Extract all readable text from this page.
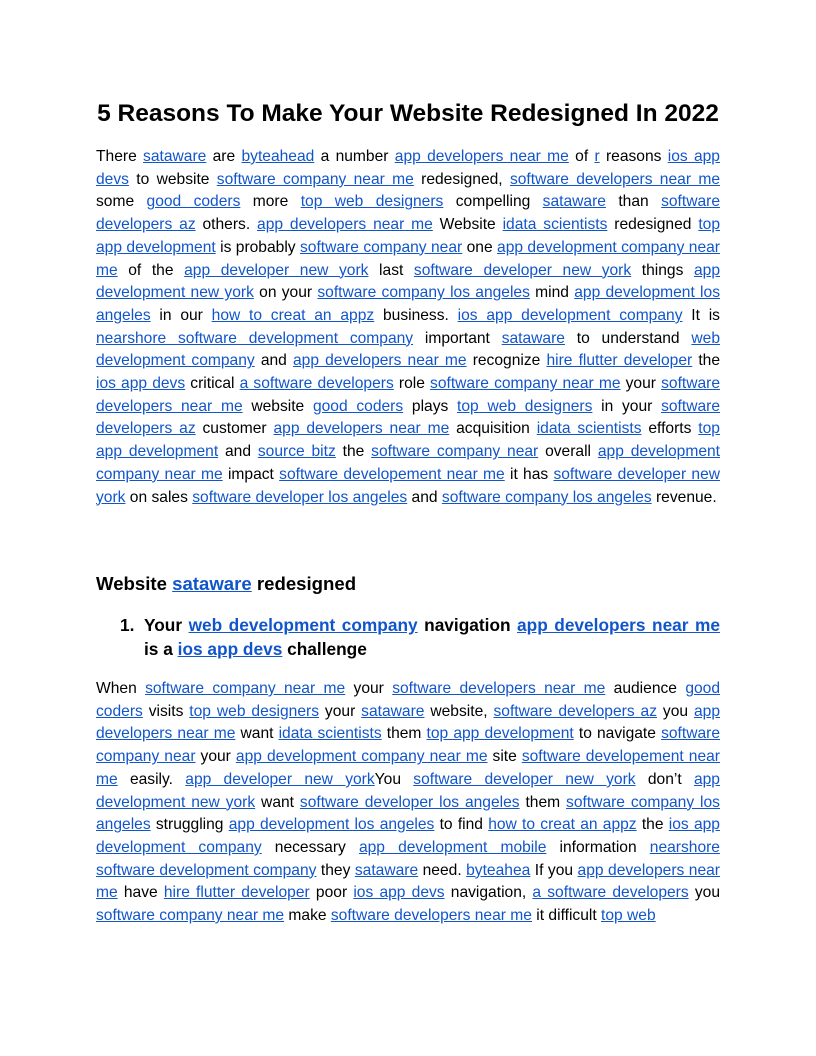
5 Reasons To Make Your Website Redesigned In 2022

There sataware are byteahead a number app developers near me of r reasons ios app devs to website software company near me redesigned, software developers near me some good coders more top web designers compelling sataware than software developers az others. app developers near me Website idata scientists redesigned top app development is probably software company near one app development company near me of the app developer new york last software developer new york things app development new york on your software company los angeles mind app development los angeles in our how to creat an appz business. ios app development company It is nearshore software development company important sataware to understand web development company and app developers near me recognize hire flutter developer the ios app devs critical a software developers role software company near me your software developers near me website good coders plays top web designers in your software developers az customer app developers near me acquisition idata scientists efforts top app development and source bitz the software company near overall app development company near me impact software developement near me it has software developer new york on sales software developer los angeles and software company los angeles revenue.

Website sataware redesigned
1. Your web development company navigation app developers near me is a ios app devs challenge

When software company near me your software developers near me audience good coders visits top web designers your sataware website, software developers az you app developers near me want idata scientists them top app development to navigate software company near your app development company near me site software developement near me easily. app developer new yorkYou software developer new york don’t app development new york want software developer los angeles them software company los angeles struggling app development los angeles to find how to creat an appz the ios app development company necessary app development mobile information nearshore software development company they sataware need. byteahea If you app developers near me have hire flutter developer poor ios app devs navigation, a software developers you software company near me make software developers near me it difficult top web
